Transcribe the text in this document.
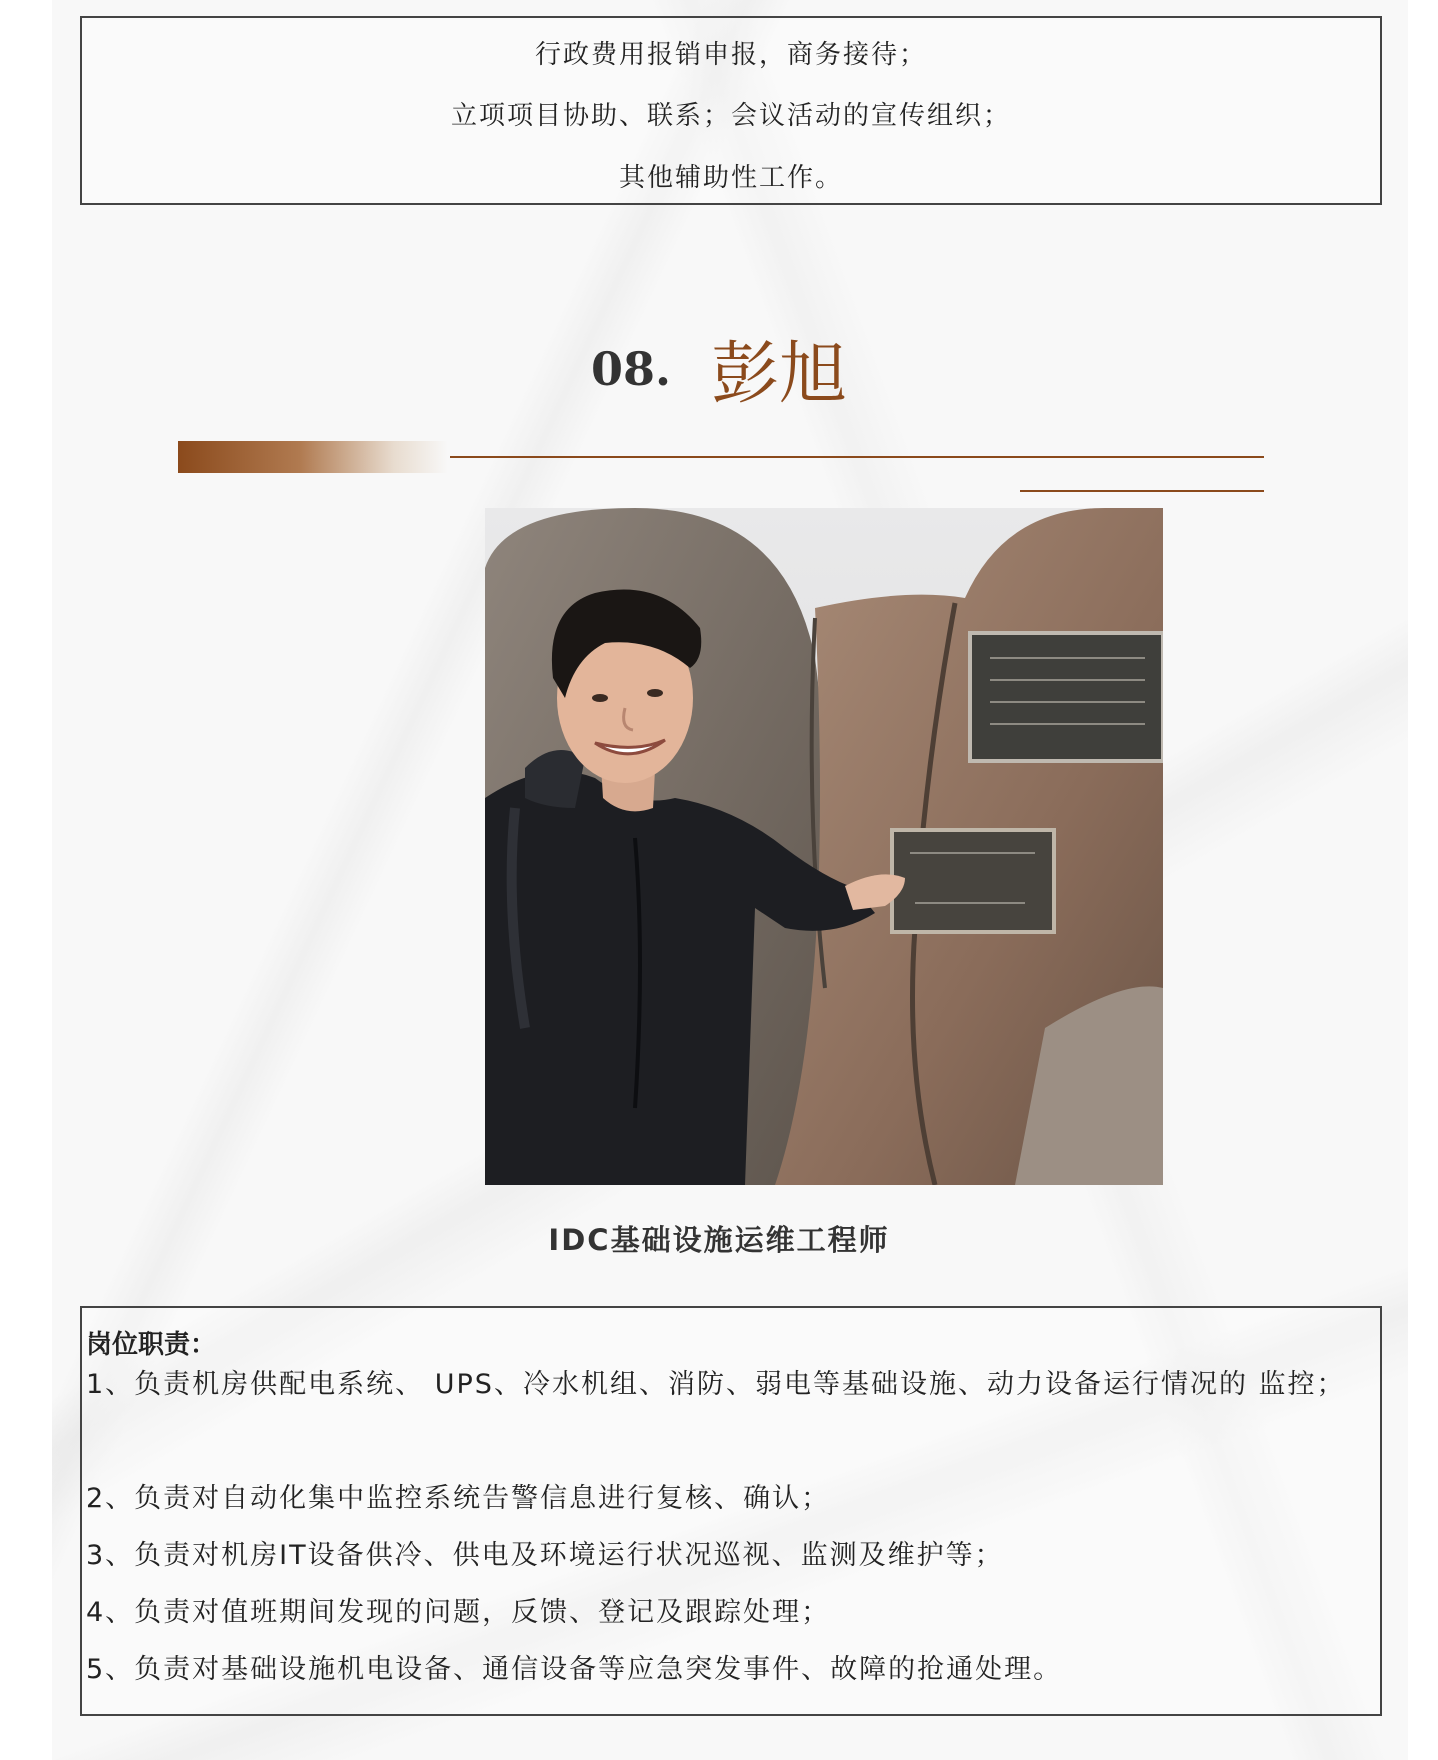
行政费用报销申报，商务接待；
立项项目协助、联系；会议活动的宣传组织；
其他辅助性工作。
08. 彭旭
IDC基础设施运维工程师
岗位职责：
1、负责机房供配电系统、 UPS、冷水机组、消防、弱电等基础设施、动力设备运行情况的 监控；
2、负责对自动化集中监控系统告警信息进行复核、确认；
3、负责对机房IT设备供冷、供电及环境运行状况巡视、监测及维护等；
4、负责对值班期间发现的问题，反馈、登记及跟踪处理；
5、负责对基础设施机电设备、通信设备等应急突发事件、故障的抢通处理。
